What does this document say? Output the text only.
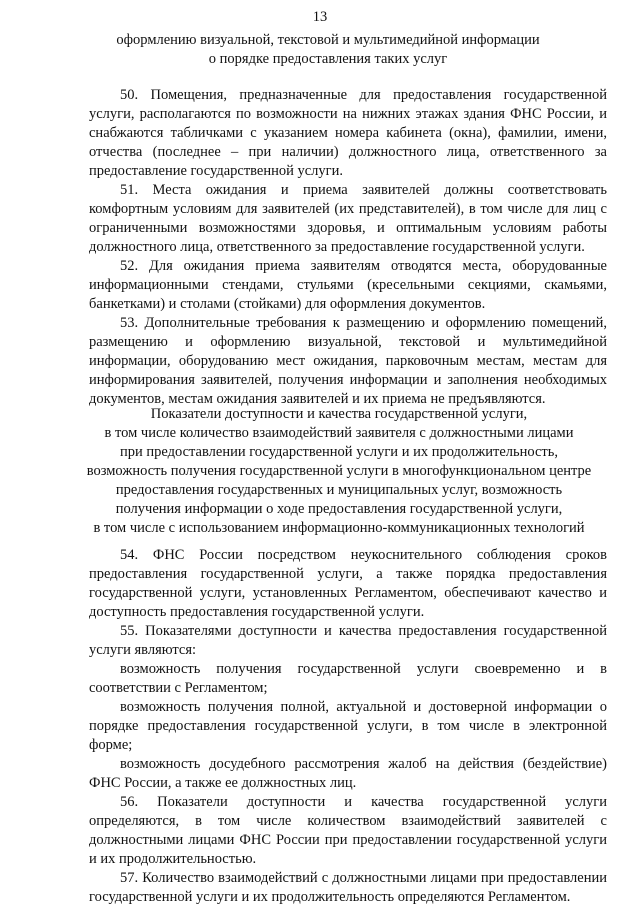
13
оформлению визуальной, текстовой и мультимедийной информации
о порядке предоставления таких услуг

50. Помещения, предназначенные для предоставления государственной услуги, располагаются по возможности на нижних этажах здания ФНС России, и снабжаются табличками с указанием номера кабинета (окна), фамилии, имени, отчества (последнее – при наличии) должностного лица, ответственного за предоставление государственной услуги.

51. Места ожидания и приема заявителей должны соответствовать комфортным условиям для заявителей (их представителей), в том числе для лиц с ограниченными возможностями здоровья, и оптимальным условиям работы должностного лица, ответственного за предоставление государственной услуги.

52. Для ожидания приема заявителям отводятся места, оборудованные информационными стендами, стульями (кресельными секциями, скамьями, банкетками) и столами (стойками) для оформления документов.

53. Дополнительные требования к размещению и оформлению помещений, размещению и оформлению визуальной, текстовой и мультимедийной информации, оборудованию мест ожидания, парковочным местам, местам для информирования заявителей, получения информации и заполнения необходимых документов, местам ожидания заявителей и их приема не предъявляются.

Показатели доступности и качества государственной услуги,
в том числе количество взаимодействий заявителя с должностными лицами
при предоставлении государственной услуги и их продолжительность,
возможность получения государственной услуги в многофункциональном центре
предоставления государственных и муниципальных услуг, возможность
получения информации о ходе предоставления государственной услуги,
в том числе с использованием информационно-коммуникационных технологий

54. ФНС России посредством неукоснительного соблюдения сроков предоставления государственной услуги, а также порядка предоставления государственной услуги, установленных Регламентом, обеспечивают качество и доступность предоставления государственной услуги.

55. Показателями доступности и качества предоставления государственной услуги являются:

возможность получения государственной услуги своевременно и в соответствии с Регламентом;

возможность получения полной, актуальной и достоверной информации о порядке предоставления государственной услуги, в том числе в электронной форме;

возможность досудебного рассмотрения жалоб на действия (бездействие) ФНС России, а также ее должностных лиц.

56. Показатели доступности и качества государственной услуги определяются, в том числе количеством взаимодействий заявителей с должностными лицами ФНС России при предоставлении государственной услуги и их продолжительностью.

57. Количество взаимодействий с должностными лицами при предоставлении государственной услуги и их продолжительность определяются Регламентом.
